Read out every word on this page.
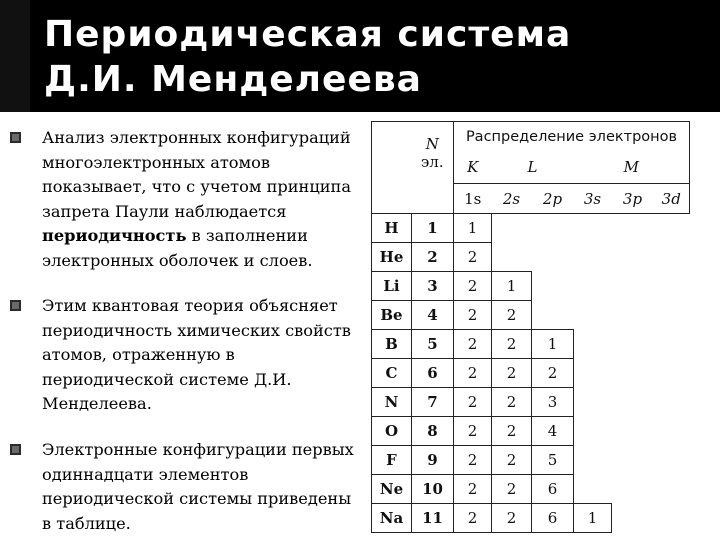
Периодическая система
Д.И. Менделеева
Анализ электронных конфигураций
многоэлектронных атомов
показывает, что с учетом принципа
запрета Паули наблюдается
периодичность в заполнении
электронных оболочек и слоев.
Этим квантовая теория объясняет
периодичность химических свойств
атомов, отраженную в
периодической системе Д.И.
Менделеева.
Электронные конфигурации первых
одиннадцати элементов
периодической системы приведены
в таблице.
	N
эл.	Распределение электронов					
		K	L		M		
		1s	2s	2p	3s	3p	3d
H	1	1					
He	2	2					
Li	3	2	1				
Be	4	2	2				
B	5	2	2	1			
C	6	2	2	2			
N	7	2	2	3			
O	8	2	2	4			
F	9	2	2	5			
Ne	10	2	2	6			
Na	11	2	2	6	1		
